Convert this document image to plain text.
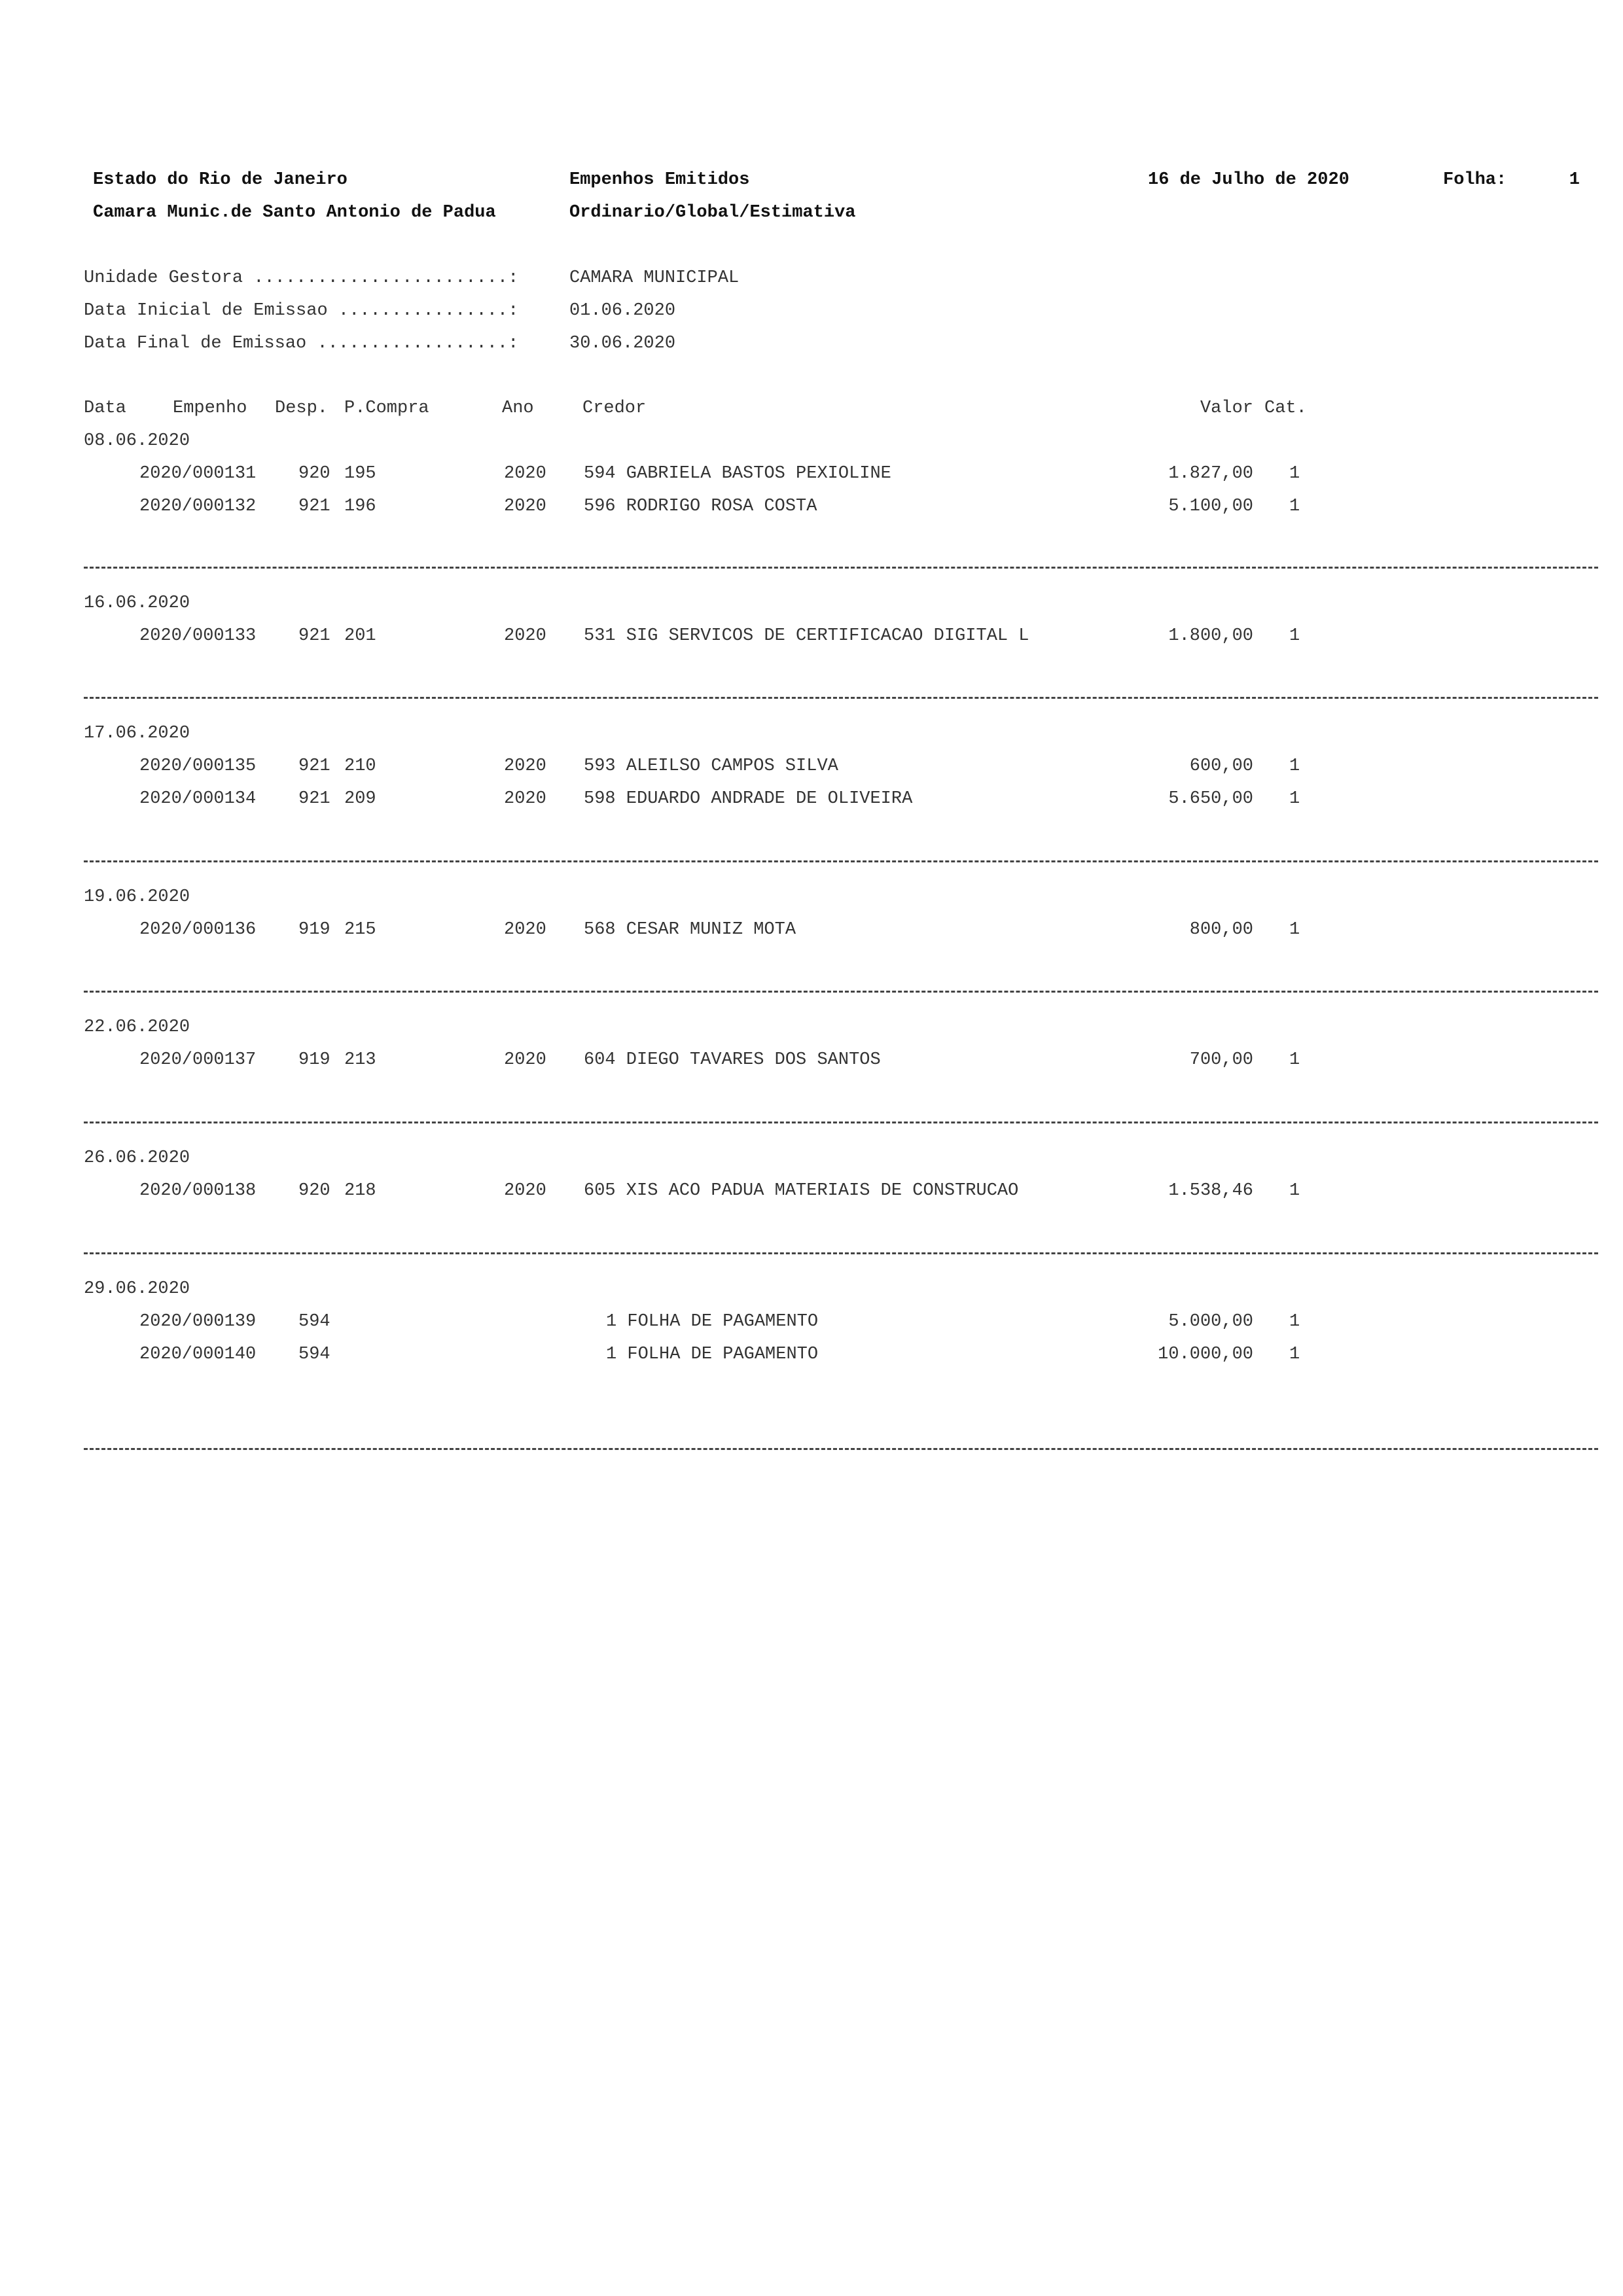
Estado do Rio de Janeiro
Camara Munic.de Santo Antonio de Padua
Empenhos Emitidos
Ordinario/Global/Estimativa
16 de Julho de 2020	Folha:	1
Unidade Gestora ........................:	CAMARA MUNICIPAL
Data Inicial de Emissao ................:	01.06.2020
Data Final de Emissao ..................:	30.06.2020
Data	Empenho Desp. P.Compra	Ano	Credor	Valor Cat.
08.06.2020
2020/000131 920 195	2020 594 GABRIELA BASTOS PEXIOLINE	1.827,00 1
2020/000132 921 196	2020 596 RODRIGO ROSA COSTA	5.100,00 1
16.06.2020
2020/000133 921 201	2020 531 SIG SERVICOS DE CERTIFICACAO DIGITAL L	1.800,00 1
17.06.2020
2020/000135 921 210	2020 593 ALEILSO CAMPOS SILVA	600,00 1
2020/000134 921 209	2020 598 EDUARDO ANDRADE DE OLIVEIRA	5.650,00 1
19.06.2020
2020/000136 919 215	2020 568 CESAR MUNIZ MOTA	800,00 1
22.06.2020
2020/000137 919 213	2020 604 DIEGO TAVARES DOS SANTOS	700,00 1
26.06.2020
2020/000138 920 218	2020 605 XIS ACO PADUA MATERIAIS DE CONSTRUCAO	1.538,46 1
29.06.2020
2020/000139 594	1 FOLHA DE PAGAMENTO	5.000,00 1
2020/000140 594	1 FOLHA DE PAGAMENTO	10.000,00 1
